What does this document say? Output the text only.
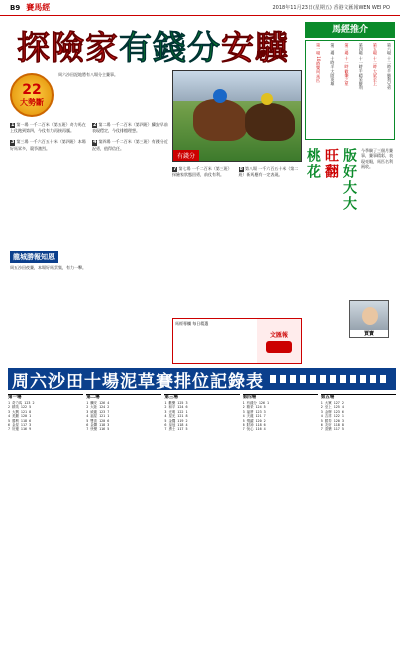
B9 賽馬經	2018年11月23日(星期五) 香港文匯報WEN WEI PO
探險家 有錢分 安驥	馬經推介
第一場 10時雙向 馬匹	第二場 十時半 大陸英雄	第三場 十一時 歡樂之星	第四場 十一時半 精采勝利	第五場 十二時 大眾至上	第六場 十二時半 勝利兄弟
22
大勢斷
周六沙田泥地將有八場分主賽事。
有錢分
1 第一場 一千二百米（第五班）奇力馬在上仗跑到第四，今仗有力再接再厲。

3 第三場 一千六百五十米（第四班）本場好馬眾多，競爭激烈。
2 第二場 一千二百米（第四班）驥安早前表現穩定，今仗排檔理想。

4 第四場 一千二百米（第三班）有錢分近況勇，值得信任。
7 第七場 一千二百米（第三班）探險家狀態回勇，前仗有利。
8 第八場 一千六百五十米（第二班）新馬應有一定表現。	桃花 旺翻 版好大大	今季騎了三個月賽事，賽事精彩，表現亮眼，馬匹名利兩收。
賈寶
龍城勝報知恩
周五沙田夜賽，本場好馬雲集，有力一擊。
馬經專欄 每日精選
文匯報
周六沙田十場泥草賽排位記錄表
第一場
1 奇力馬 123 2
2 精英 122 5
3 大興 121 8
4 美麗 120 1
5 勝利 118 6
6 金星 117 3
7 好運 116 9
第二場
1 驥安 126 4
2 大陸 124 2
3 威龍 123 7
4 福星 121 1
5 雙喜 120 6
6 金鑽 118 3
7 快樂 116 5
第三場
1 歡樂 125 3
2 和平 124 6
3 光明 122 1
4 星光 121 8
5 金鷹 119 2
6 皇冠 118 4
7 勇士 117 5
第四場
1 有錢分 126 1
2 精采 124 5
3 福將 123 3
4 天龍 121 7
5 飛躍 120 2
6 財神 118 6
7 悅心 116 4
第五場
1 大眾 127 2
2 至上 125 4
3 金牌 123 6
4 吉祥 122 1
5 勝券 120 3
6 友好 118 8
7 喜樂 117 5
